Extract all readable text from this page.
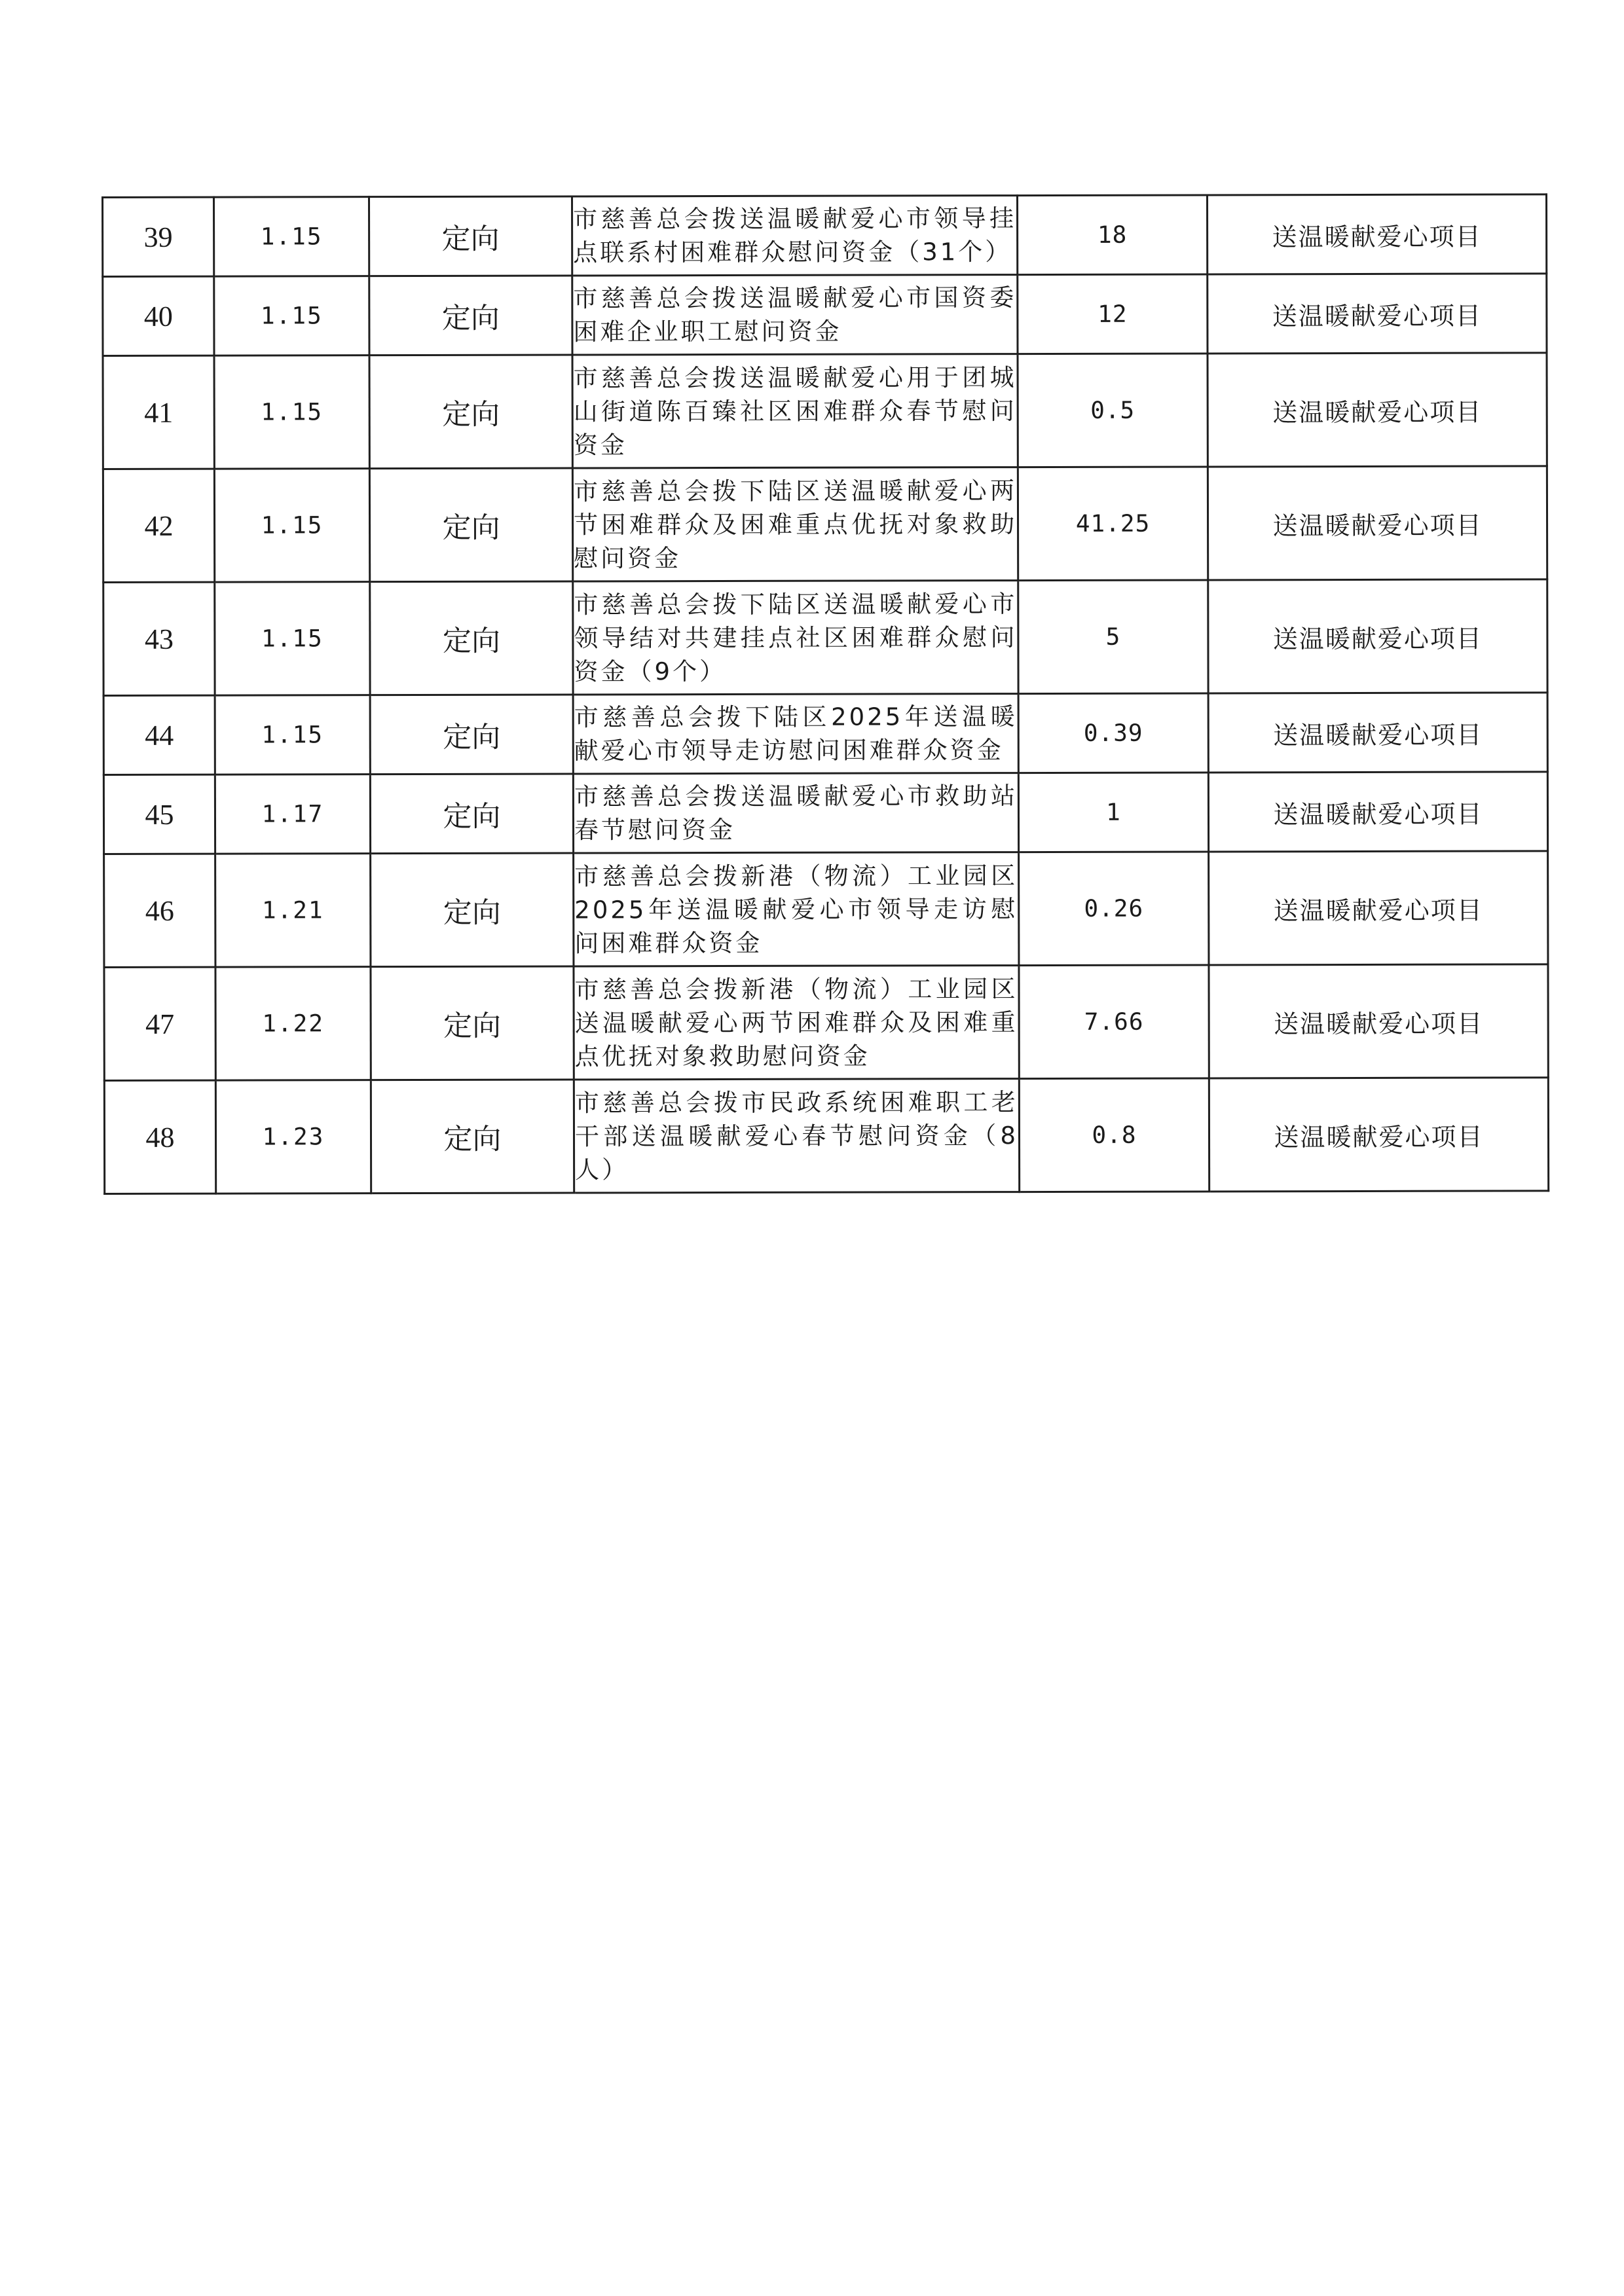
39	1.15	定向	市慈善总会拨送温暖献爱心市领导挂点联系村困难群众慰问资金（31个）	18	送温暖献爱心项目
40	1.15	定向	市慈善总会拨送温暖献爱心市国资委困难企业职工慰问资金	12	送温暖献爱心项目
41	1.15	定向	市慈善总会拨送温暖献爱心用于团城山街道陈百臻社区困难群众春节慰问资金	0.5	送温暖献爱心项目
42	1.15	定向	市慈善总会拨下陆区送温暖献爱心两节困难群众及困难重点优抚对象救助慰问资金	41.25	送温暖献爱心项目
43	1.15	定向	市慈善总会拨下陆区送温暖献爱心市领导结对共建挂点社区困难群众慰问资金（9个）	5	送温暖献爱心项目
44	1.15	定向	市慈善总会拨下陆区2025年送温暖献爱心市领导走访慰问困难群众资金	0.39	送温暖献爱心项目
45	1.17	定向	市慈善总会拨送温暖献爱心市救助站春节慰问资金	1	送温暖献爱心项目
46	1.21	定向	市慈善总会拨新港（物流）工业园区2025年送温暖献爱心市领导走访慰问困难群众资金	0.26	送温暖献爱心项目
47	1.22	定向	市慈善总会拨新港（物流）工业园区送温暖献爱心两节困难群众及困难重点优抚对象救助慰问资金	7.66	送温暖献爱心项目
48	1.23	定向	市慈善总会拨市民政系统困难职工老干部送温暖献爱心春节慰问资金（8人）	0.8	送温暖献爱心项目
